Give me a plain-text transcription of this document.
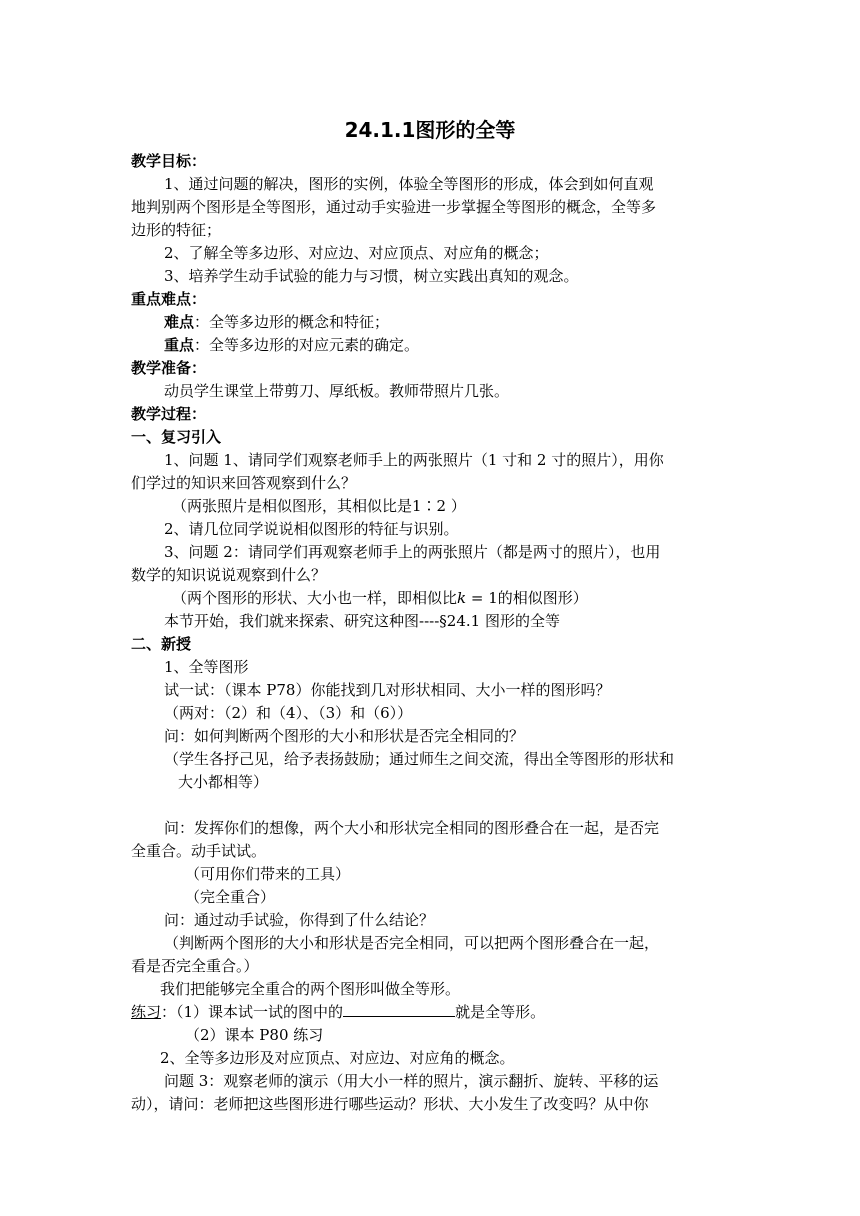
24.1.1图形的全等
教学目标：
1、通过问题的解决，图形的实例，体验全等图形的形成，体会到如何直观
地判别两个图形是全等图形，通过动手实验进一步掌握全等图形的概念，全等多
边形的特征；
2、了解全等多边形、对应边、对应顶点、对应角的概念；
3、培养学生动手试验的能力与习惯，树立实践出真知的观念。
重点难点：
难点：全等多边形的概念和特征；
重点：全等多边形的对应元素的确定。
教学准备：
动员学生课堂上带剪刀、厚纸板。教师带照片几张。
教学过程：
一、复习引入
1、问题 1、请同学们观察老师手上的两张照片（1 寸和 2 寸的照片），用你
们学过的知识来回答观察到什么？
（两张照片是相似图形，其相似比是1∶2 ）
2、请几位同学说说相似图形的特征与识别。
3、问题 2：请同学们再观察老师手上的两张照片（都是两寸的照片），也用
数学的知识说说观察到什么？
（两个图形的形状、大小也一样，即相似比k = 1的相似图形）
本节开始，我们就来探索、研究这种图----§24.1 图形的全等
二、新授
1、全等图形
试一试：（课本 P78）你能找到几对形状相同、大小一样的图形吗？
（两对：（2）和（4）、（3）和（6））
问：如何判断两个图形的大小和形状是否完全相同的？
（学生各抒己见，给予表扬鼓励；通过师生之间交流，得出全等图形的形状和
大小都相等）
问：发挥你们的想像，两个大小和形状完全相同的图形叠合在一起，是否完
全重合。动手试试。
（可用你们带来的工具）
（完全重合）
问：通过动手试验，你得到了什么结论？
（判断两个图形的大小和形状是否完全相同，可以把两个图形叠合在一起，
看是否完全重合。）
我们把能够完全重合的两个图形叫做全等形。
练习：（1）课本试一试的图中的	就是全等形。
（2）课本 P80 练习
2、全等多边形及对应顶点、对应边、对应角的概念。
问题 3：观察老师的演示（用大小一样的照片，演示翻折、旋转、平移的运
动），请问：老师把这些图形进行哪些运动？形状、大小发生了改变吗？从中你
